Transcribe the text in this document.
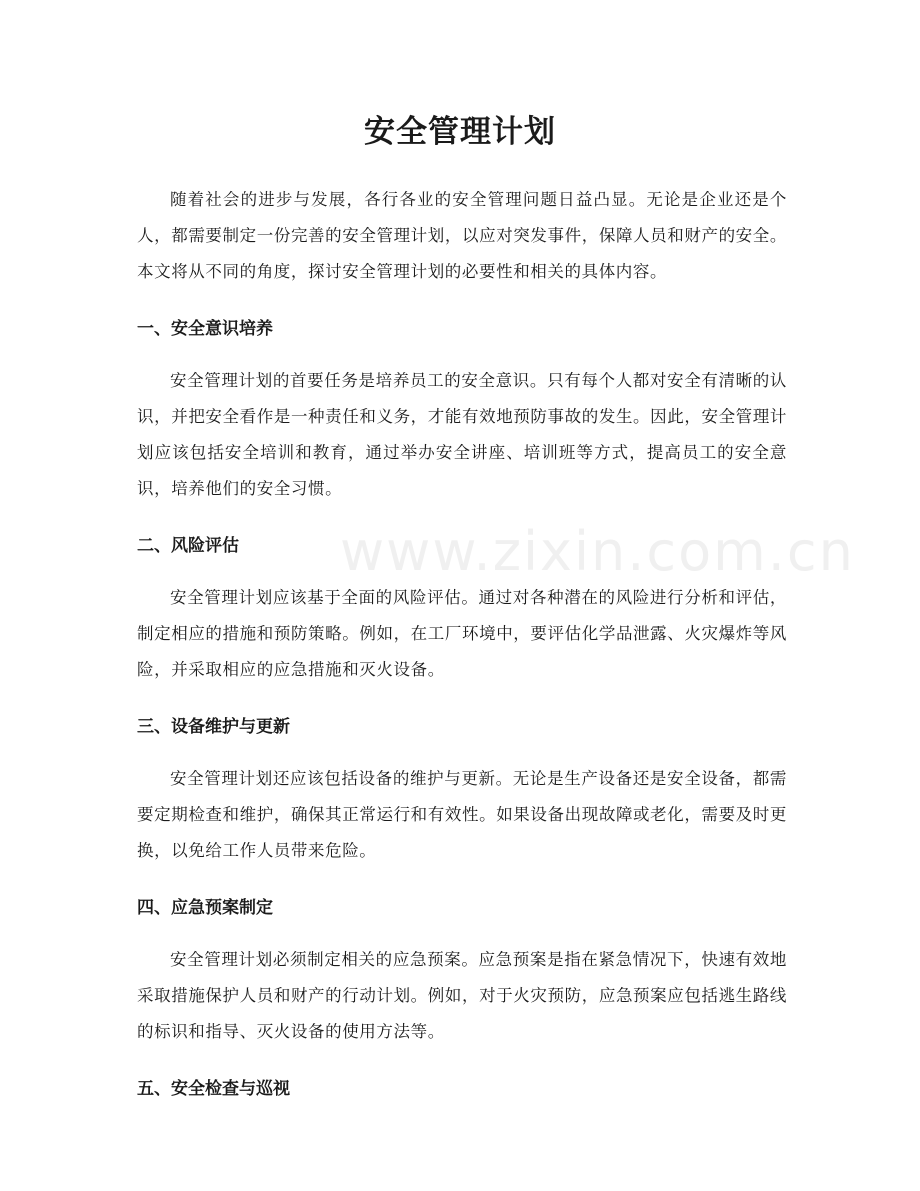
www.zixin.com.cn
安全管理计划

随着社会的进步与发展，各行各业的安全管理问题日益凸显。无论是企业还是个人，都需要制定一份完善的安全管理计划，以应对突发事件，保障人员和财产的安全。本文将从不同的角度，探讨安全管理计划的必要性和相关的具体内容。

一、安全意识培养

安全管理计划的首要任务是培养员工的安全意识。只有每个人都对安全有清晰的认识，并把安全看作是一种责任和义务，才能有效地预防事故的发生。因此，安全管理计划应该包括安全培训和教育，通过举办安全讲座、培训班等方式，提高员工的安全意识，培养他们的安全习惯。

二、风险评估

安全管理计划应该基于全面的风险评估。通过对各种潜在的风险进行分析和评估，制定相应的措施和预防策略。例如，在工厂环境中，要评估化学品泄露、火灾爆炸等风险，并采取相应的应急措施和灭火设备。

三、设备维护与更新

安全管理计划还应该包括设备的维护与更新。无论是生产设备还是安全设备，都需要定期检查和维护，确保其正常运行和有效性。如果设备出现故障或老化，需要及时更换，以免给工作人员带来危险。

四、应急预案制定

安全管理计划必须制定相关的应急预案。应急预案是指在紧急情况下，快速有效地采取措施保护人员和财产的行动计划。例如，对于火灾预防，应急预案应包括逃生路线的标识和指导、灭火设备的使用方法等。

五、安全检查与巡视
